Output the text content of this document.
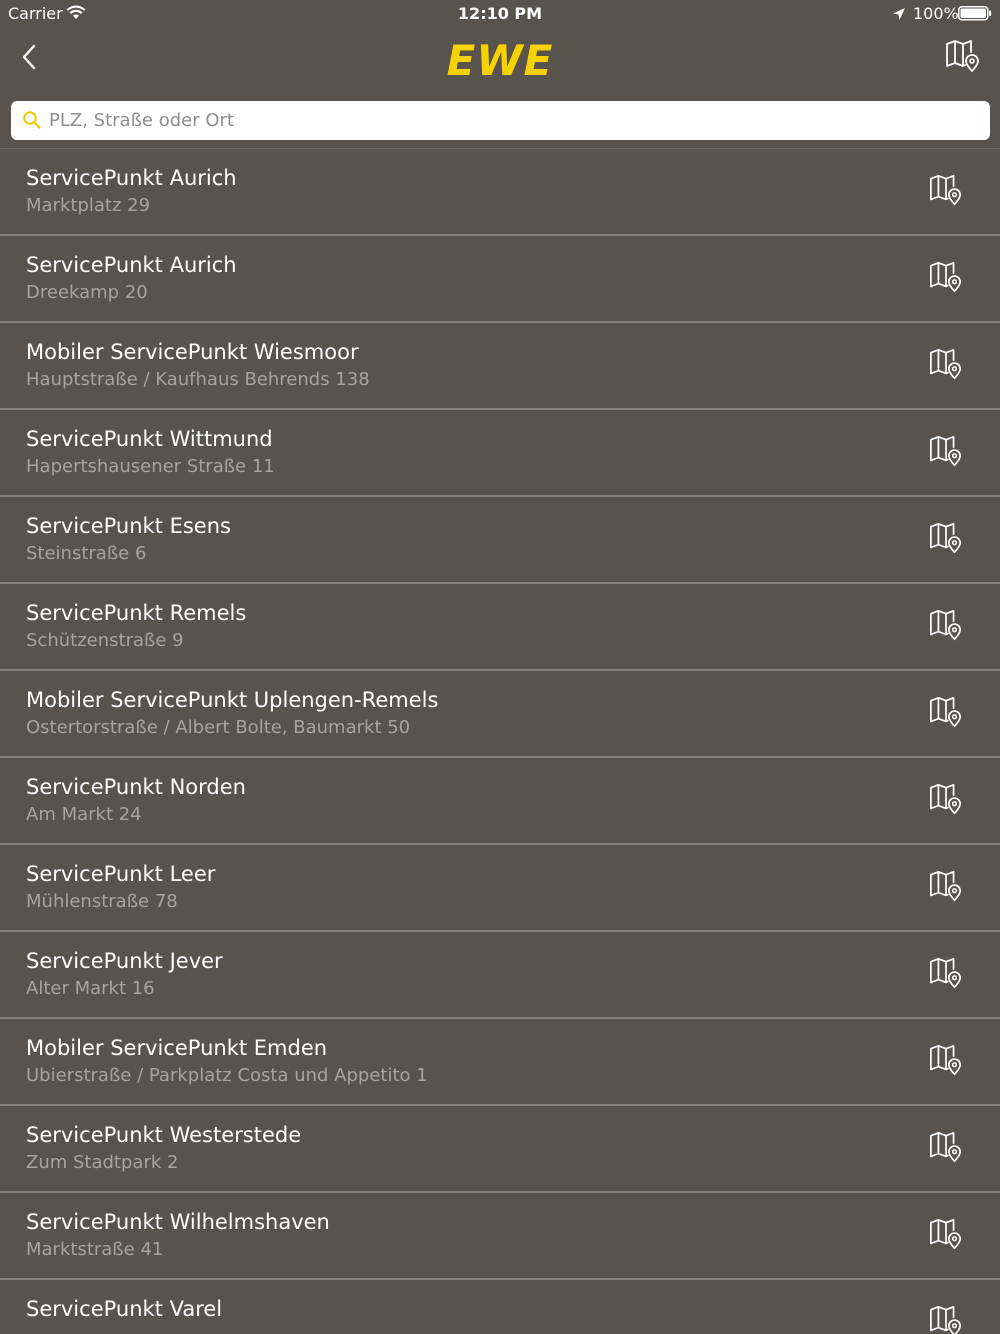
Carrier	12:10 PM	100%
EWE
PLZ, Straße oder Ort
ServicePunkt Aurich
Marktplatz 29
ServicePunkt Aurich
Dreekamp 20
Mobiler ServicePunkt Wiesmoor
Hauptstraße / Kaufhaus Behrends 138
ServicePunkt Wittmund
Hapertshausener Straße 11
ServicePunkt Esens
Steinstraße 6
ServicePunkt Remels
Schützenstraße 9
Mobiler ServicePunkt Uplengen-Remels
Ostertorstraße / Albert Bolte, Baumarkt 50
ServicePunkt Norden
Am Markt 24
ServicePunkt Leer
Mühlenstraße 78
ServicePunkt Jever
Alter Markt 16
Mobiler ServicePunkt Emden
Ubierstraße / Parkplatz Costa und Appetito 1
ServicePunkt Westerstede
Zum Stadtpark 2
ServicePunkt Wilhelmshaven
Marktstraße 41
ServicePunkt Varel
